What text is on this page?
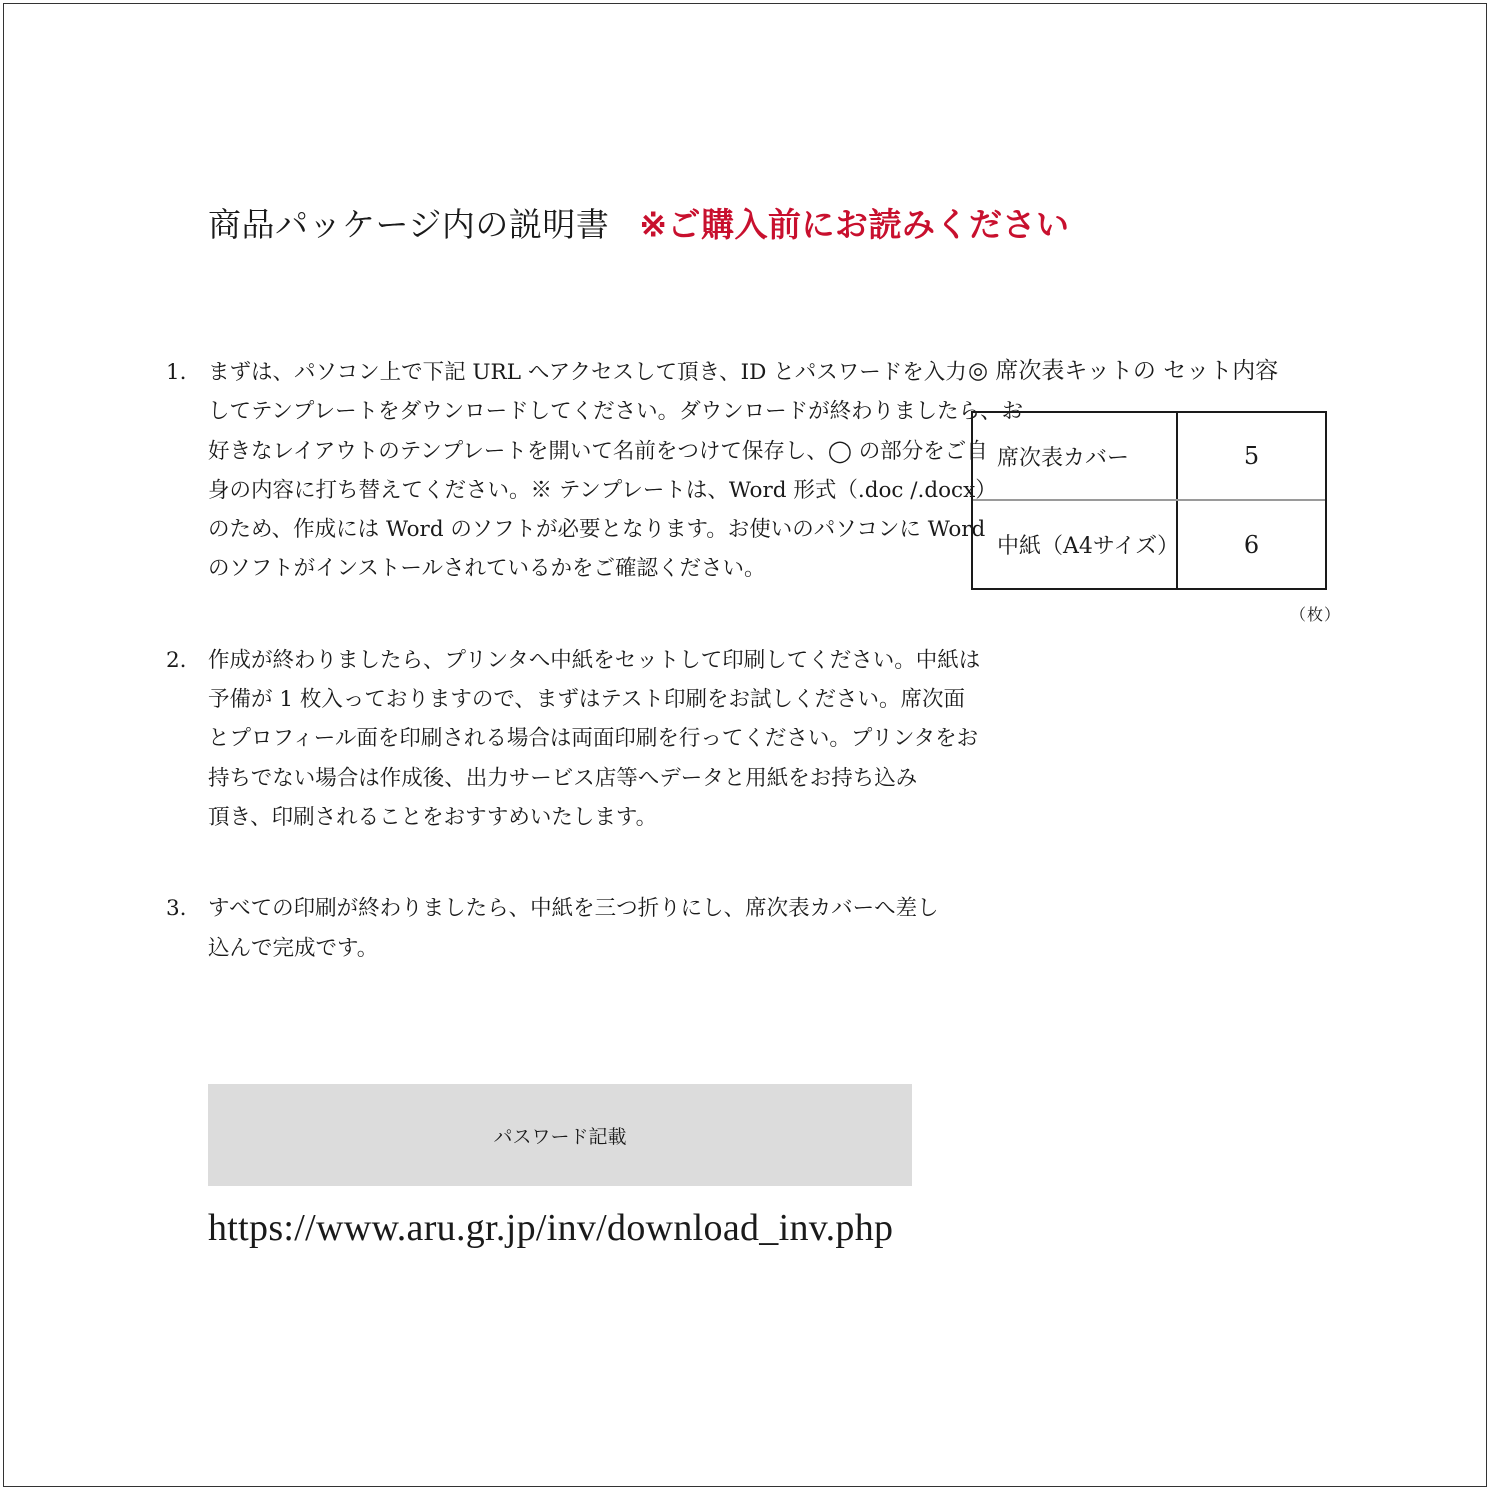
商品パッケージ内の説明書 ※ご購入前にお読みください
1. まずは、パソコン上で下記 URL へアクセスして頂き、ID とパスワードを入力
してテンプレートをダウンロードしてください。ダウンロードが終わりましたら、お
好きなレイアウトのテンプレートを開いて名前をつけて保存し、◯ の部分をご自
身の内容に打ち替えてください。※ テンプレートは、Word 形式（.doc /.docx）
のため、作成には Word のソフトが必要となります。お使いのパソコンに Word
のソフトがインストールされているかをご確認ください。
2. 作成が終わりましたら、プリンタへ中紙をセットして印刷してください。中紙は
予備が 1 枚入っておりますので、まずはテスト印刷をお試しください。席次面
とプロフィール面を印刷される場合は両面印刷を行ってください。プリンタをお
持ちでない場合は作成後、出力サービス店等へデータと用紙をお持ち込み
頂き、印刷されることをおすすめいたします。
3. すべての印刷が終わりましたら、中紙を三つ折りにし、席次表カバーへ差し
込んで完成です。
◎ 席次表キットの セット内容
席次表カバー	5
中紙（A4サイズ）	6
（枚）
パスワード記載
https://www.aru.gr.jp/inv/download_inv.php
